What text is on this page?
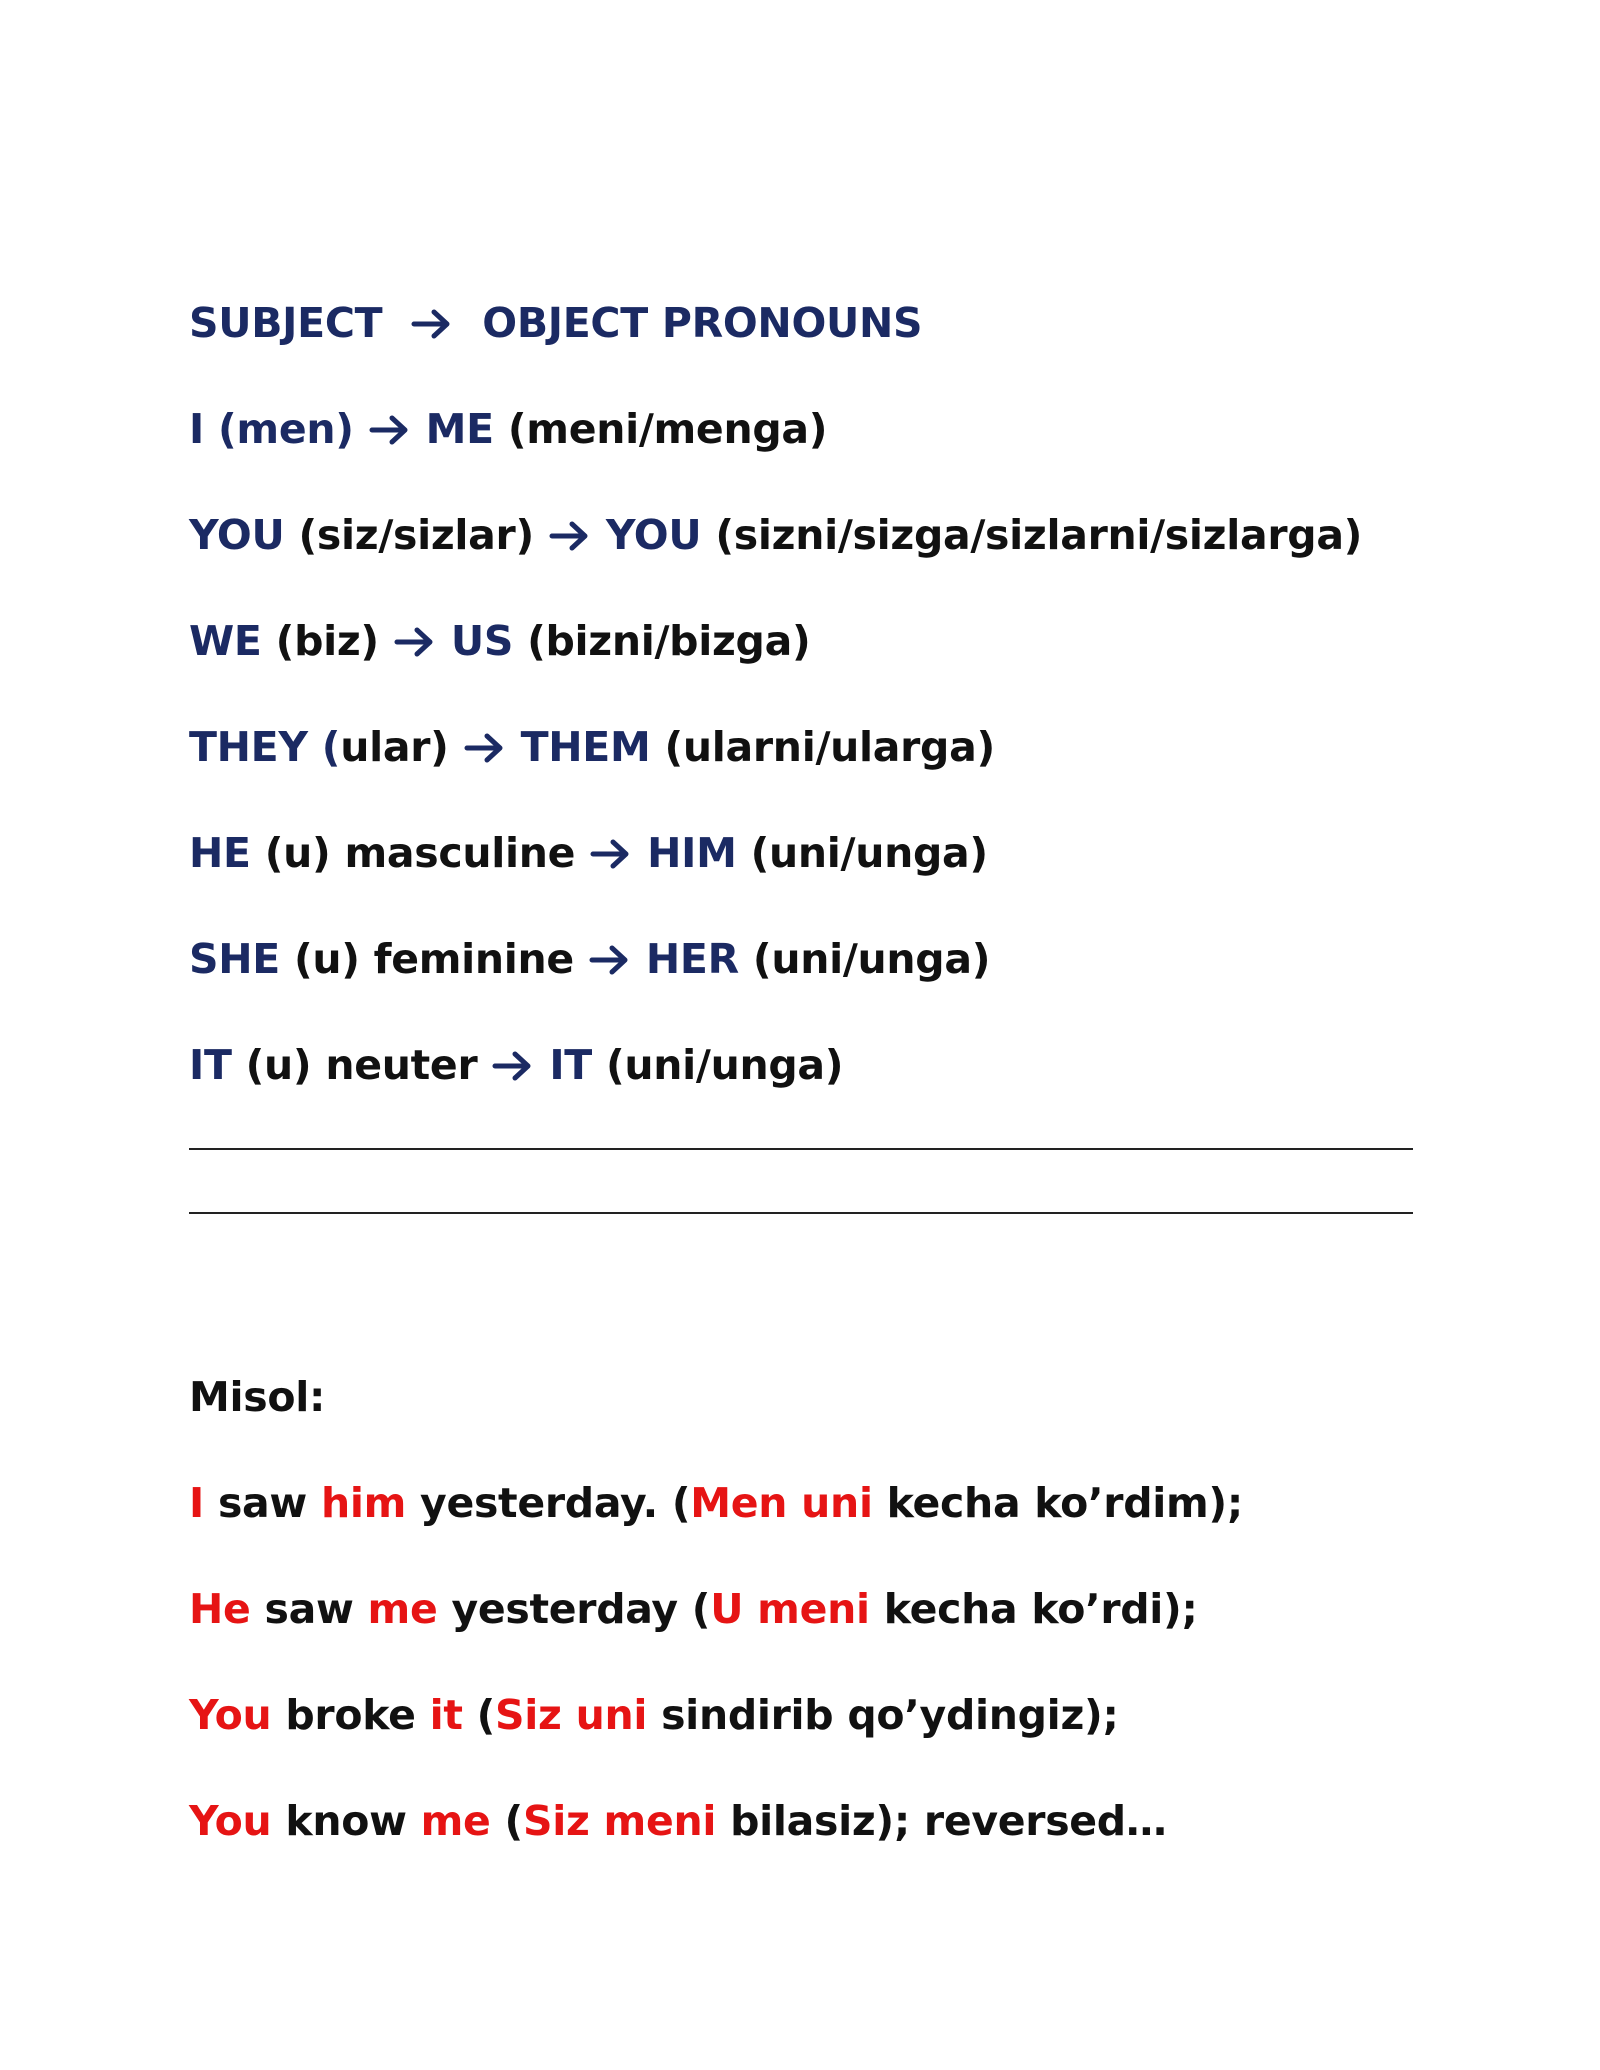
SUBJECT OBJECT PRONOUNS
I (men) ME (meni/menga)
YOU (siz/sizlar) YOU (sizni/sizga/sizlarni/sizlarga)
WE (biz) US (bizni/bizga)
THEY (ular) THEM (ularni/ularga)
HE (u) masculine HIM (uni/unga)
SHE (u) feminine HER (uni/unga)
IT (u) neuter IT (uni/unga)
Misol:
I saw him yesterday. (Men uni kecha ko’rdim);
He saw me yesterday (U meni kecha ko’rdi);
You broke it (Siz uni sindirib qo’ydingiz);
You know me (Siz meni bilasiz); reversed…
